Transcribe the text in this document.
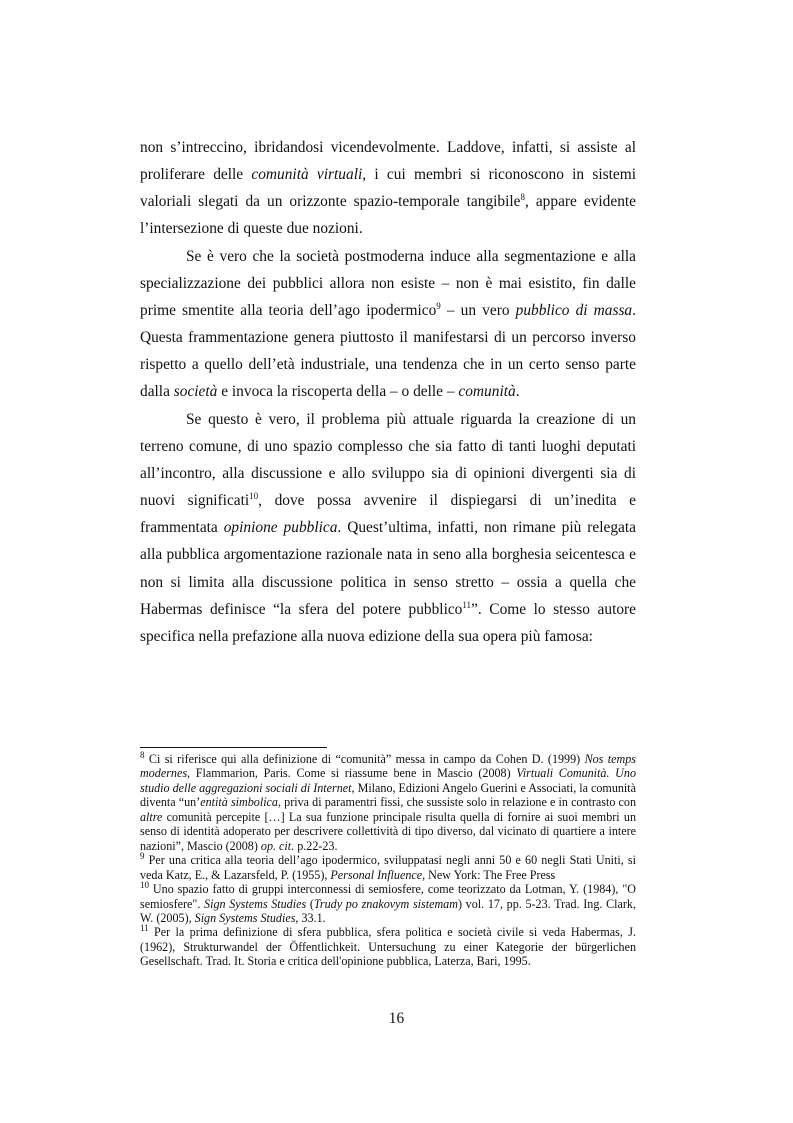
non s’intreccino, ibridandosi vicendevolmente. Laddove, infatti, si assiste al proliferare delle comunità virtuali, i cui membri si riconoscono in sistemi valoriali slegati da un orizzonte spazio-temporale tangibile$^8$, appare evidente l’intersezione di queste due nozioni.

Se è vero che la società postmoderna induce alla segmentazione e alla specializzazione dei pubblici allora non esiste – non è mai esistito, fin dalle prime smentite alla teoria dell’ago ipodermico$^9$ – un vero pubblico di massa. Questa frammentazione genera piuttosto il manifestarsi di un percorso inverso rispetto a quello dell’età industriale, una tendenza che in un certo senso parte dalla società e invoca la riscoperta della – o delle – comunità.

Se questo è vero, il problema più attuale riguarda la creazione di un terreno comune, di uno spazio complesso che sia fatto di tanti luoghi deputati all’incontro, alla discussione e allo sviluppo sia di opinioni divergenti sia di nuovi significati$^{10}$, dove possa avvenire il dispiegarsi di un’inedita e frammentata opinione pubblica. Quest’ultima, infatti, non rimane più relegata alla pubblica argomentazione razionale nata in seno alla borghesia seicentesca e non si limita alla discussione politica in senso stretto – ossia a quella che Habermas definisce “la sfera del potere pubblico$^{11}$”. Come lo stesso autore specifica nella prefazione alla nuova edizione della sua opera più famosa:

$^8$ Ci si riferisce qui alla definizione di “comunità” messa in campo da Cohen D. (1999) Nos temps modernes, Flammarion, Paris. Come si riassume bene in Mascio (2008) Virtuali Comunità. Uno studio delle aggregazioni sociali di Internet, Milano, Edizioni Angelo Guerini e Associati, la comunità diventa “un’entità simbolica, priva di paramentri fissi, che sussiste solo in relazione e in contrasto con altre comunità percepite […] La sua funzione principale risulta quella di fornire ai suoi membri un senso di identità adoperato per descrivere collettività di tipo diverso, dal vicinato di quartiere a intere nazioni”, Mascio (2008) op. cit. p.22-23.

$^9$ Per una critica alla teoria dell’ago ipodermico, sviluppatasi negli anni 50 e 60 negli Stati Uniti, si veda Katz, E., & Lazarsfeld, P. (1955), Personal Influence, New York: The Free Press

$^{10}$ Uno spazio fatto di gruppi interconnessi di semiosfere, come teorizzato da Lotman, Y. (1984), "O semiosfere". Sign Systems Studies (Trudy po znakovym sistemam) vol. 17, pp. 5-23. Trad. Ing. Clark, W. (2005), Sign Systems Studies, 33.1.

$^{11}$ Per la prima definizione di sfera pubblica, sfera politica e società civile si veda Habermas, J. (1962), Strukturwandel der Öffentlichkeit. Untersuchung zu einer Kategorie der bürgerlichen Gesellschaft. Trad. It. Storia e critica dell'opinione pubblica, Laterza, Bari, 1995.

16
